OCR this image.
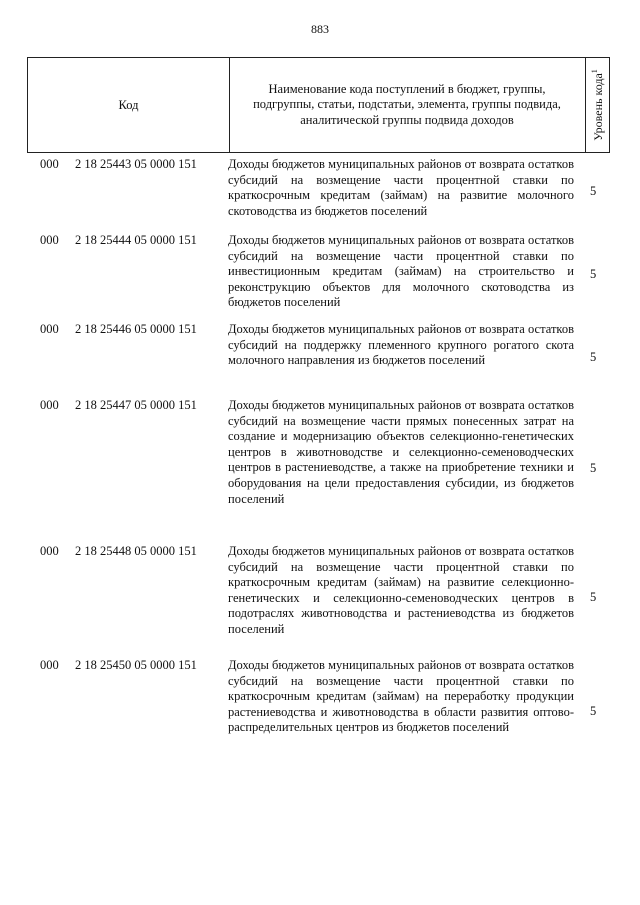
883
Код
Наименование кода поступлений в бюджет, группы, подгруппы, статьи, подстатьи, элемента, группы подвида, аналитической группы подвида доходов	Уровень кода$^1$
000 2 18 25443 05 0000 151 Доходы бюджетов муниципальных районов от возврата остатков субсидий на возмещение части процентной ставки по краткосрочным кредитам (займам) на развитие молочного скотоводства из бюджетов поселений
5
000 2 18 25444 05 0000 151 Доходы бюджетов муниципальных районов от возврата остатков субсидий на возмещение части процентной ставки по инвестиционным кредитам (займам) на строительство и реконструкцию объектов для молочного скотоводства из бюджетов поселений
5
000 2 18 25446 05 0000 151 Доходы бюджетов муниципальных районов от возврата остатков субсидий на поддержку племенного крупного рогатого скота молочного направления из бюджетов поселений	5
000 2 18 25447 05 0000 151 Доходы бюджетов муниципальных районов от возврата остатков субсидий на возмещение части прямых понесенных затрат на создание и модернизацию объектов селекционно-генетических центров в животноводстве и селекционно-семеноводческих центров в растениеводстве, а также на приобретение техники и оборудования на цели предоставления субсидии, из бюджетов поселений
5
000 2 18 25448 05 0000 151 Доходы бюджетов муниципальных районов от возврата остатков субсидий на возмещение части процентной ставки по краткосрочным кредитам (займам) на развитие селекционно-генетических и селекционно-семеноводческих центров в подотраслях животноводства и растениеводства из бюджетов поселений
5
000 2 18 25450 05 0000 151 Доходы бюджетов муниципальных районов от возврата остатков субсидий на возмещение части процентной ставки по краткосрочным кредитам (займам) на переработку продукции растениеводства и животноводства в области развития оптово-распределительных центров из бюджетов поселений
5
